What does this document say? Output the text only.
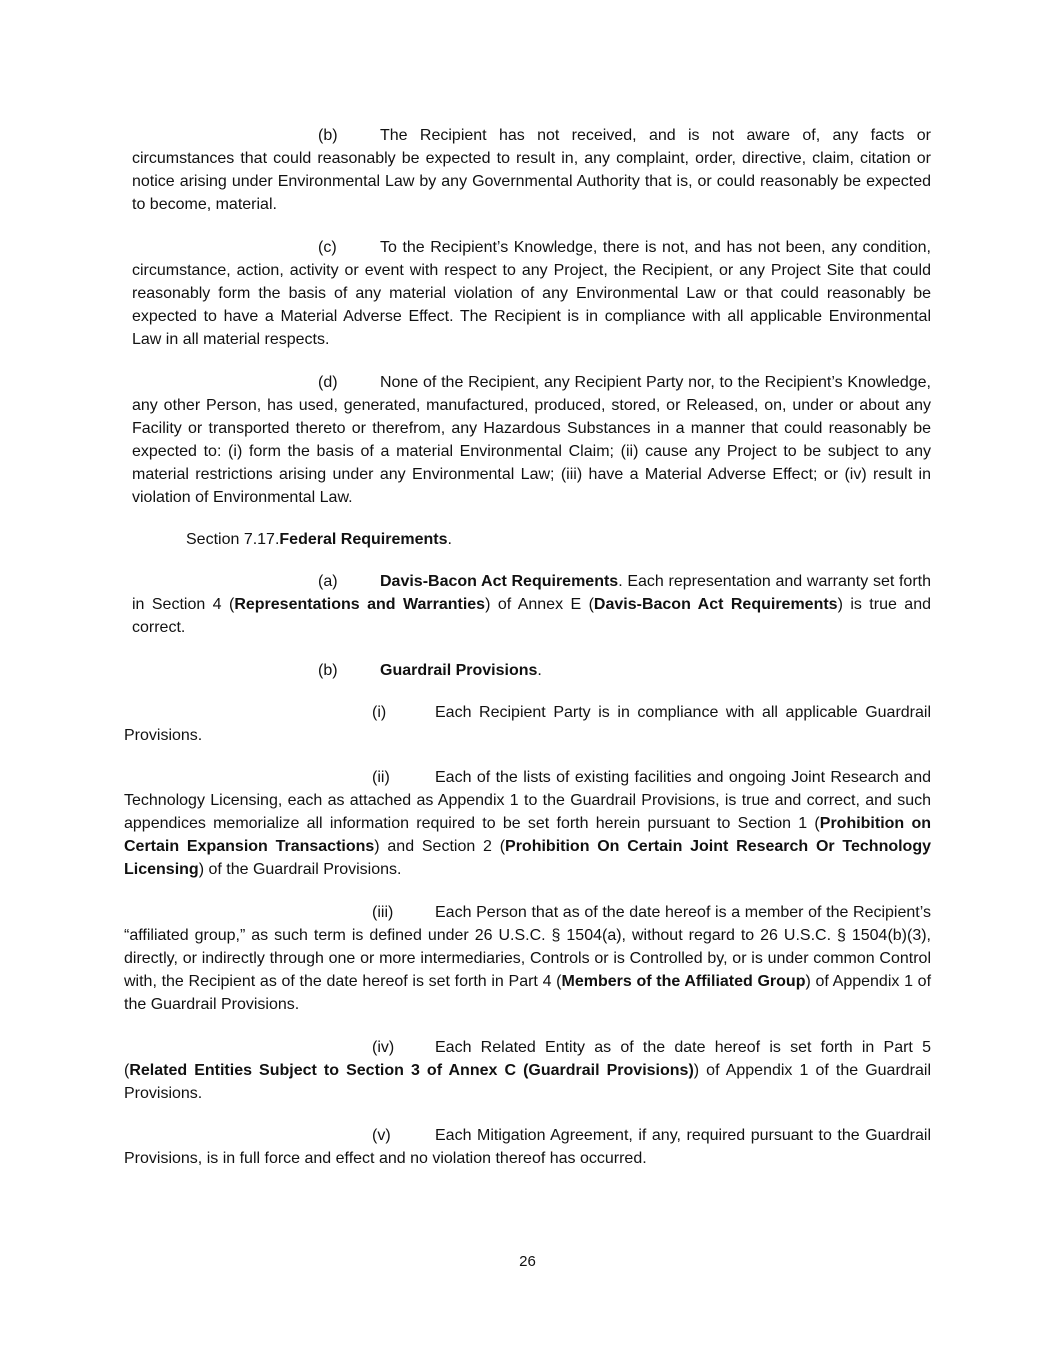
(b)	The Recipient has not received, and is not aware of, any facts or circumstances that could reasonably be expected to result in, any complaint, order, directive, claim, citation or notice arising under Environmental Law by any Governmental Authority that is, or could reasonably be expected to become, material.

(c)	To the Recipient’s Knowledge, there is not, and has not been, any condition, circumstance, action, activity or event with respect to any Project, the Recipient, or any Project Site that could reasonably form the basis of any material violation of any Environmental Law or that could reasonably be expected to have a Material Adverse Effect. The Recipient is in compliance with all applicable Environmental Law in all material respects.

(d)	None of the Recipient, any Recipient Party nor, to the Recipient’s Knowledge, any other Person, has used, generated, manufactured, produced, stored, or Released, on, under or about any Facility or transported thereto or therefrom, any Hazardous Substances in a manner that could reasonably be expected to: (i) form the basis of a material Environmental Claim; (ii) cause any Project to be subject to any material restrictions arising under any Environmental Law; (iii) have a Material Adverse Effect; or (iv) result in violation of Environmental Law.

Section 7.17.Federal Requirements.

(a)	Davis-Bacon Act Requirements. Each representation and warranty set forth in Section 4 (Representations and Warranties) of Annex E (Davis-Bacon Act Requirements) is true and correct.

(b)	Guardrail Provisions.

(i)	Each Recipient Party is in compliance with all applicable Guardrail Provisions.

(ii)	Each of the lists of existing facilities and ongoing Joint Research and Technology Licensing, each as attached as Appendix 1 to the Guardrail Provisions, is true and correct, and such appendices memorialize all information required to be set forth herein pursuant to Section 1 (Prohibition on Certain Expansion Transactions) and Section 2 (Prohibition On Certain Joint Research Or Technology Licensing) of the Guardrail Provisions.

(iii)	Each Person that as of the date hereof is a member of the Recipient’s “affiliated group,” as such term is defined under 26 U.S.C. § 1504(a), without regard to 26 U.S.C. § 1504(b)(3), directly, or indirectly through one or more intermediaries, Controls or is Controlled by, or is under common Control with, the Recipient as of the date hereof is set forth in Part 4 (Members of the Affiliated Group) of Appendix 1 of the Guardrail Provisions.

(iv)	Each Related Entity as of the date hereof is set forth in Part 5 (Related Entities Subject to Section 3 of Annex C (Guardrail Provisions)) of Appendix 1 of the Guardrail Provisions.

(v)	Each Mitigation Agreement, if any, required pursuant to the Guardrail Provisions, is in full force and effect and no violation thereof has occurred.

26
